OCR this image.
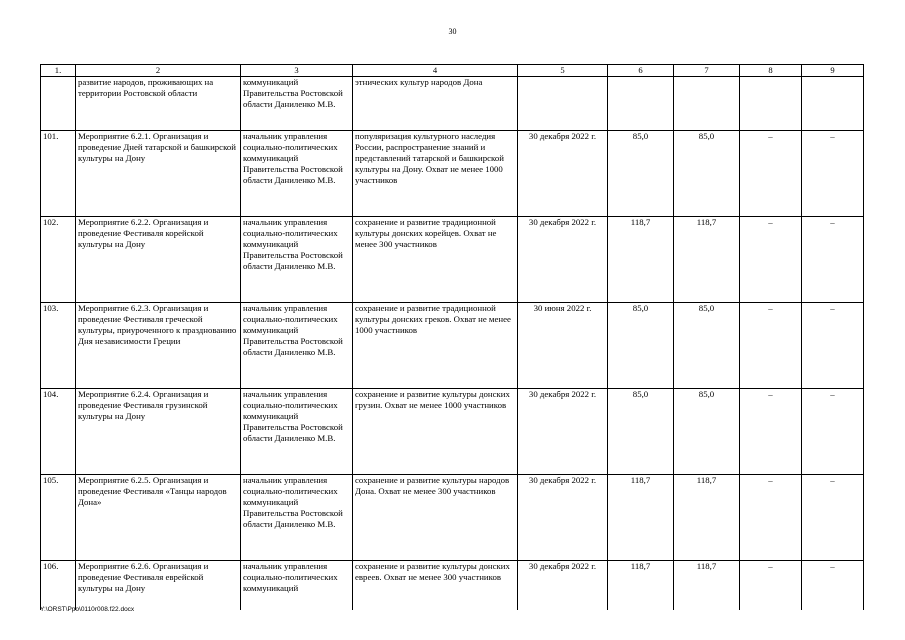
30
1.	2	3	4	5	6	7	8	9
	развитие народов, проживающих на территории Ростовской области	коммуникаций Правительства Ростовской области Даниленко М.В.	этнических культур народов Дона					
101.	Мероприятие 6.2.1. Организация и проведение Дней татарской и башкирской культуры на Дону	начальник управления социально-политических коммуникаций Правительства Ростовской области Даниленко М.В.	популяризация культурного наследия России, распространение знаний и представлений татарской и башкирской культуры на Дону. Охват не менее 1000 участников	30 декабря 2022 г.	85,0	85,0	–	–
102.	Мероприятие 6.2.2. Организация и проведение Фестиваля корейской культуры на Дону	начальник управления социально-политических коммуникаций Правительства Ростовской области Даниленко М.В.	сохранение и развитие традиционной культуры донских корейцев. Охват не менее 300 участников	30 декабря 2022 г.	118,7	118,7	–	–
103.	Мероприятие 6.2.3. Организация и проведение Фестиваля греческой культуры, приуроченного к празднованию Дня независимости Греции	начальник управления социально-политических коммуникаций Правительства Ростовской области Даниленко М.В.	сохранение и развитие традиционной культуры донских греков. Охват не менее 1000 участников	30 июня 2022 г.	85,0	85,0	–	–
104.	Мероприятие 6.2.4. Организация и проведение Фестиваля грузинской культуры на Дону	начальник управления социально-политических коммуникаций Правительства Ростовской области Даниленко М.В.	сохранение и развитие культуры донских грузин. Охват не менее 1000 участников	30 декабря 2022 г.	85,0	85,0	–	–
105.	Мероприятие 6.2.5. Организация и проведение Фестиваля «Танцы народов Дона»	начальник управления социально-политических коммуникаций Правительства Ростовской области Даниленко М.В.	сохранение и развитие культуры народов Дона. Охват не менее 300 участников	30 декабря 2022 г.	118,7	118,7	–	–
106.	Мероприятие 6.2.6. Организация и проведение Фестиваля еврейской культуры на Дону	начальник управления социально-политических коммуникаций	сохранение и развитие культуры донских евреев. Охват не менее 300 участников	30 декабря 2022 г.	118,7	118,7	–	–
Y:\ORST\Ppo\0110r008.f22.docx
